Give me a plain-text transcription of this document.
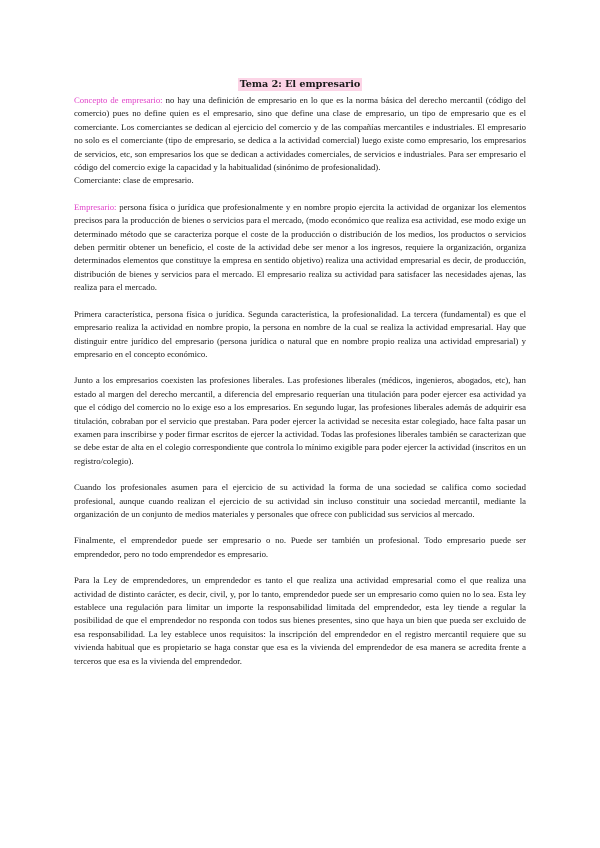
Tema 2: El empresario

Concepto de empresario: no hay una definición de empresario en lo que es la norma básica del derecho mercantil (código del comercio) pues no define quien es el empresario, sino que define una clase de empresario, un tipo de empresario que es el comerciante. Los comerciantes se dedican al ejercicio del comercio y de las compañías mercantiles e industriales. El empresario no solo es el comerciante (tipo de empresario, se dedica a la actividad comercial) luego existe como empresario, los empresarios de servicios, etc, son empresarios los que se dedican a actividades comerciales, de servicios e industriales. Para ser empresario el código del comercio exige la capacidad y la habitualidad (sinónimo de profesionalidad).

Comerciante: clase de empresario.

Empresario: persona física o jurídica que profesionalmente y en nombre propio ejercita la actividad de organizar los elementos precisos para la producción de bienes o servicios para el mercado, (modo económico que realiza esa actividad, ese modo exige un determinado método que se caracteriza porque el coste de la producción o distribución de los medios, los productos o servicios deben permitir obtener un beneficio, el coste de la actividad debe ser menor a los ingresos, requiere la organización, organiza determinados elementos que constituye la empresa en sentido objetivo) realiza una actividad empresarial es decir, de producción, distribución de bienes y servicios para el mercado. El empresario realiza su actividad para satisfacer las necesidades ajenas, las realiza para el mercado.

Primera característica, persona física o jurídica. Segunda característica, la profesionalidad. La tercera (fundamental) es que el empresario realiza la actividad en nombre propio, la persona en nombre de la cual se realiza la actividad empresarial. Hay que distinguir entre jurídico del empresario (persona jurídica o natural que en nombre propio realiza una actividad empresarial) y empresario en el concepto económico.

Junto a los empresarios coexisten las profesiones liberales. Las profesiones liberales (médicos, ingenieros, abogados, etc), han estado al margen del derecho mercantil, a diferencia del empresario requerían una titulación para poder ejercer esa actividad ya que el código del comercio no lo exige eso a los empresarios. En segundo lugar, las profesiones liberales además de adquirir esa titulación, cobraban por el servicio que prestaban. Para poder ejercer la actividad se necesita estar colegiado, hace falta pasar un examen para inscribirse y poder firmar escritos de ejercer la actividad. Todas las profesiones liberales también se caracterizan que se debe estar de alta en el colegio correspondiente que controla lo mínimo exigible para poder ejercer la actividad (inscritos en un registro/colegio).

Cuando los profesionales asumen para el ejercicio de su actividad la forma de una sociedad se califica como sociedad profesional, aunque cuando realizan el ejercicio de su actividad sin incluso constituir una sociedad mercantil, mediante la organización de un conjunto de medios materiales y personales que ofrece con publicidad sus servicios al mercado.

Finalmente, el emprendedor puede ser empresario o no. Puede ser también un profesional. Todo empresario puede ser emprendedor, pero no todo emprendedor es empresario.

Para la Ley de emprendedores, un emprendedor es tanto el que realiza una actividad empresarial como el que realiza una actividad de distinto carácter, es decir, civil, y, por lo tanto, emprendedor puede ser un empresario como quien no lo sea. Esta ley establece una regulación para limitar un importe la responsabilidad limitada del emprendedor, esta ley tiende a regular la posibilidad de que el emprendedor no responda con todos sus bienes presentes, sino que haya un bien que pueda ser excluido de esa responsabilidad. La ley establece unos requisitos: la inscripción del emprendedor en el registro mercantil requiere que su vivienda habitual que es propietario se haga constar que esa es la vivienda del emprendedor de esa manera se acredita frente a terceros que esa es la vivienda del emprendedor.
